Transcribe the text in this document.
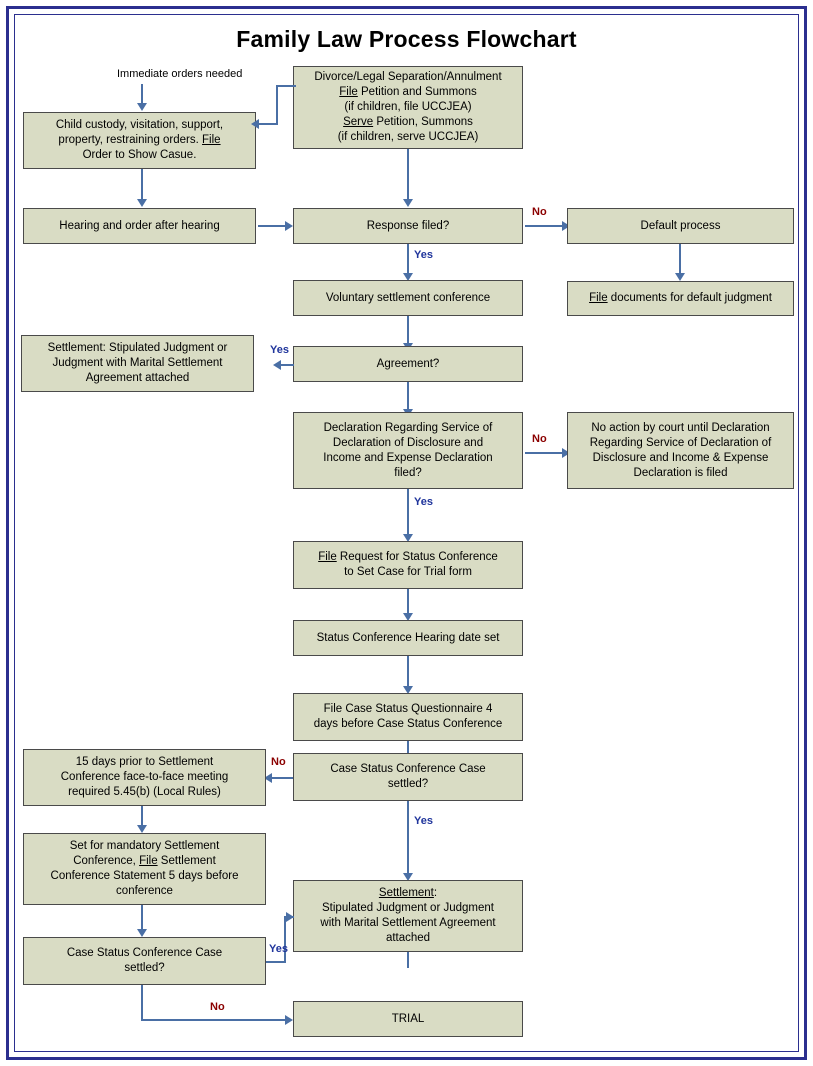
Family Law Process Flowchart
Immediate orders needed	Divorce/Legal Separation/Annulment
File Petition and Summons
(if children, file UCCJEA)
Serve Petition, Summons
(if children, serve UCCJEA)
Child custody, visitation, support,
property, restraining orders. File
Order to Show Casue.
Hearing and order after hearing	Response filed?
No
Default process
File documents for default judgment
Yes
Voluntary settlement conference
Agreement?
Yes
Settlement: Stipulated Judgment or
Judgment with Marital Settlement
Agreement attached
Declaration Regarding Service of
Declaration of Disclosure and
Income and Expense Declaration
filed?
No
No action by court until Declaration
Regarding Service of Declaration of
Disclosure and Income & Expense
Declaration is filed
Yes
File Request for Status Conference
to Set Case for Trial form
Status Conference Hearing date set
File Case Status Questionnaire 4
days before Case Status Conference
Case Status Conference Case
settled?
No
15 days prior to Settlement
Conference face-to-face meeting
required 5.45(b) (Local Rules)
Set for mandatory Settlement
Conference, File Settlement
Conference Statement 5 days before
conference
Case Status Conference Case
settled?
Yes
Settlement:
Stipulated Judgment or Judgment
with Marital Settlement Agreement
attached
Yes
No
TRIAL
